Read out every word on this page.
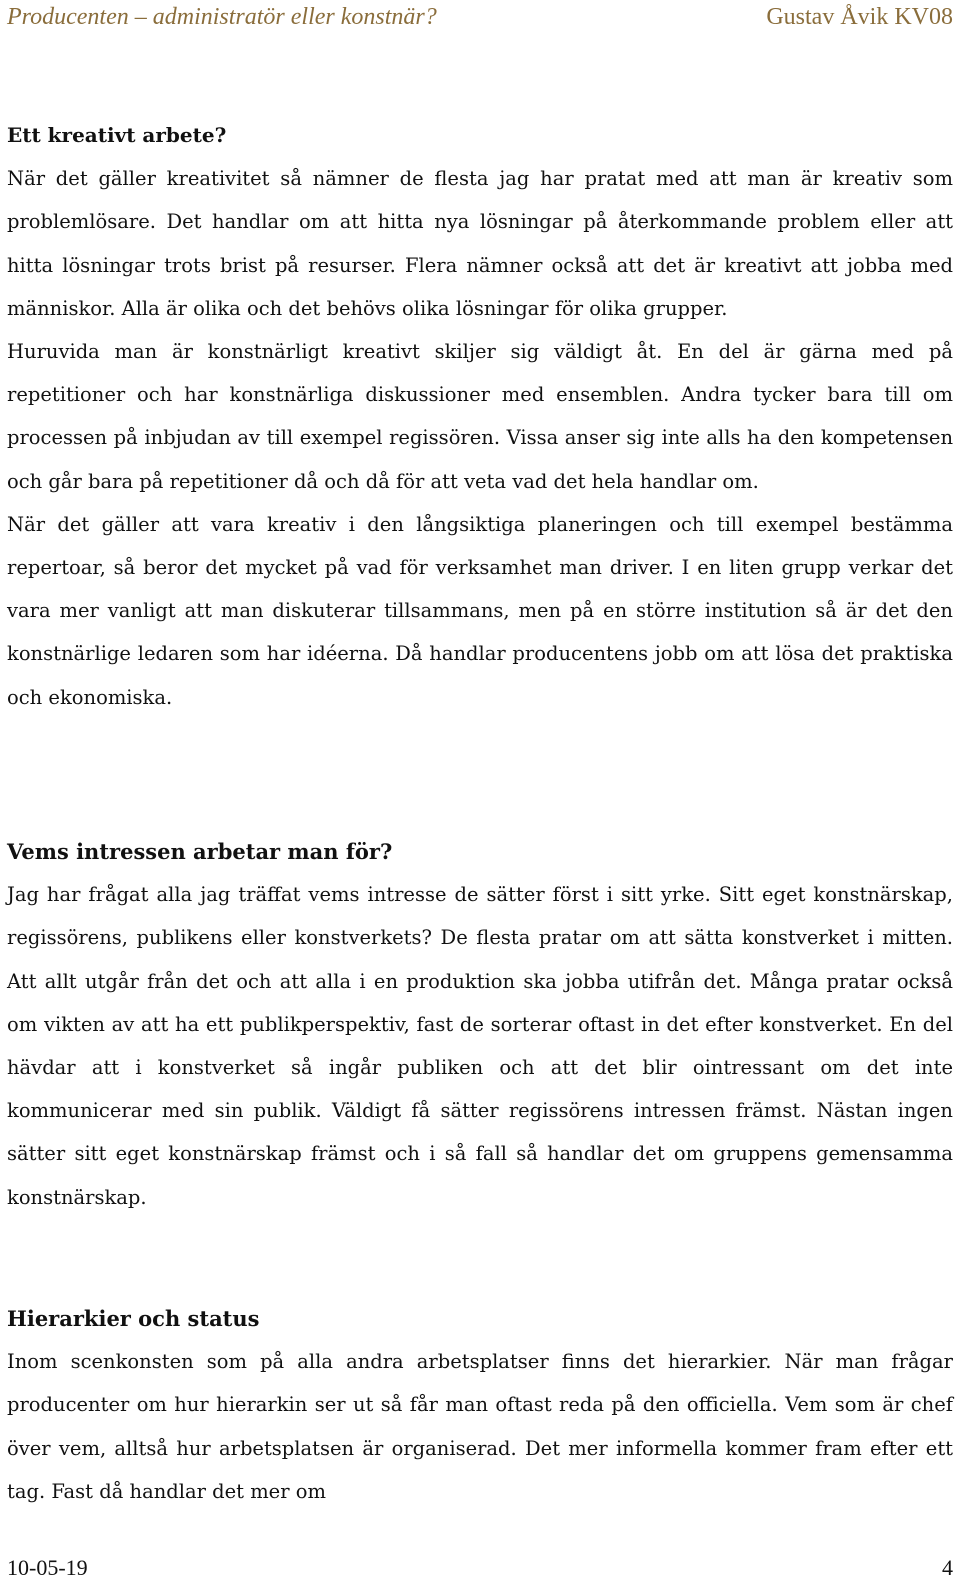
Producenten – administratör eller konstnär?	Gustav Åvik KV08
Ett kreativt arbete?

När det gäller kreativitet så nämner de flesta jag har pratat med att man är kreativ som problemlösare. Det handlar om att hitta nya lösningar på återkommande problem eller att hitta lösningar trots brist på resurser. Flera nämner också att det är kreativt att jobba med människor. Alla är olika och det behövs olika lösningar för olika grupper.

Huruvida man är konstnärligt kreativt skiljer sig väldigt åt. En del är gärna med på repetitioner och har konstnärliga diskussioner med ensemblen. Andra tycker bara till om processen på inbjudan av till exempel regissören. Vissa anser sig inte alls ha den kompetensen och går bara på repetitioner då och då för att veta vad det hela handlar om.

När det gäller att vara kreativ i den långsiktiga planeringen och till exempel bestämma repertoar, så beror det mycket på vad för verksamhet man driver. I en liten grupp verkar det vara mer vanligt att man diskuterar tillsammans, men på en större institution så är det den konstnärlige ledaren som har idéerna. Då handlar producentens jobb om att lösa det praktiska och ekonomiska.

Vems intressen arbetar man för?

Jag har frågat alla jag träffat vems intresse de sätter först i sitt yrke. Sitt eget konstnärskap, regissörens, publikens eller konstverkets? De flesta pratar om att sätta konstverket i mitten. Att allt utgår från det och att alla i en produktion ska jobba utifrån det. Många pratar också om vikten av att ha ett publikperspektiv, fast de sorterar oftast in det efter konstverket. En del hävdar att i konstverket så ingår publiken och att det blir ointressant om det inte kommunicerar med sin publik. Väldigt få sätter regissörens intressen främst. Nästan ingen sätter sitt eget konstnärskap främst och i så fall så handlar det om gruppens gemensamma konstnärskap.

Hierarkier och status

Inom scenkonsten som på alla andra arbetsplatser finns det hierarkier. När man frågar producenter om hur hierarkin ser ut så får man oftast reda på den officiella. Vem som är chef över vem, alltså hur arbetsplatsen är organiserad. Det mer informella kommer fram efter ett tag. Fast då handlar det mer om

10-05-19	4
